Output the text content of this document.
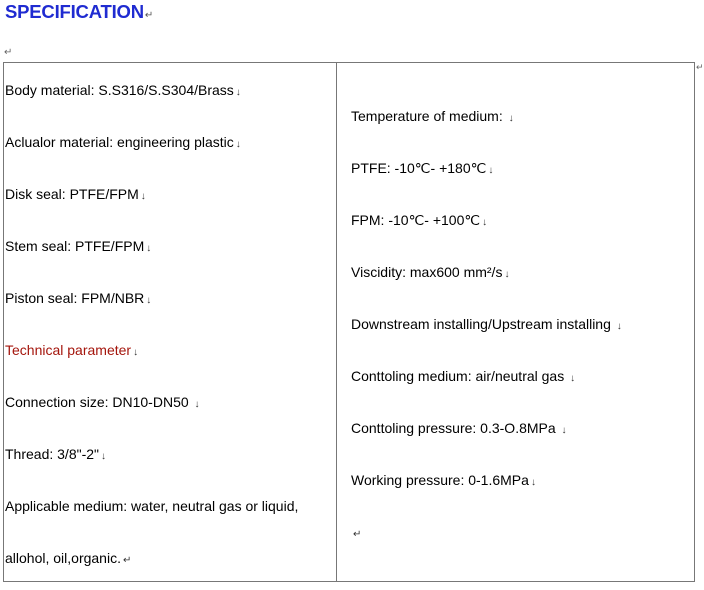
SPECIFICATION↵
↵
Body material: S.S316/S.S304/Brass ↓
Aclualor material: engineering plastic ↓
Disk seal: PTFE/FPM ↓
Stem seal: PTFE/FPM ↓
Piston seal: FPM/NBR ↓
Technical parameter ↓
Connection size: DN10-DN50 ↓
Thread: 3/8"-2" ↓
Applicable medium: water, neutral gas or liquid,
allohol, oil,organic. ↵
Temperature of medium: ↓
PTFE: -10℃- +180℃ ↓
FPM: -10℃- +100℃ ↓
Viscidity: max600 mm²/s ↓
Downstream installing/Upstream installing ↓
Conttoling medium: air/neutral gas ↓
Conttoling pressure: 0.3-O.8MPa ↓
Working pressure: 0-1.6MPa ↓
↵
↵
